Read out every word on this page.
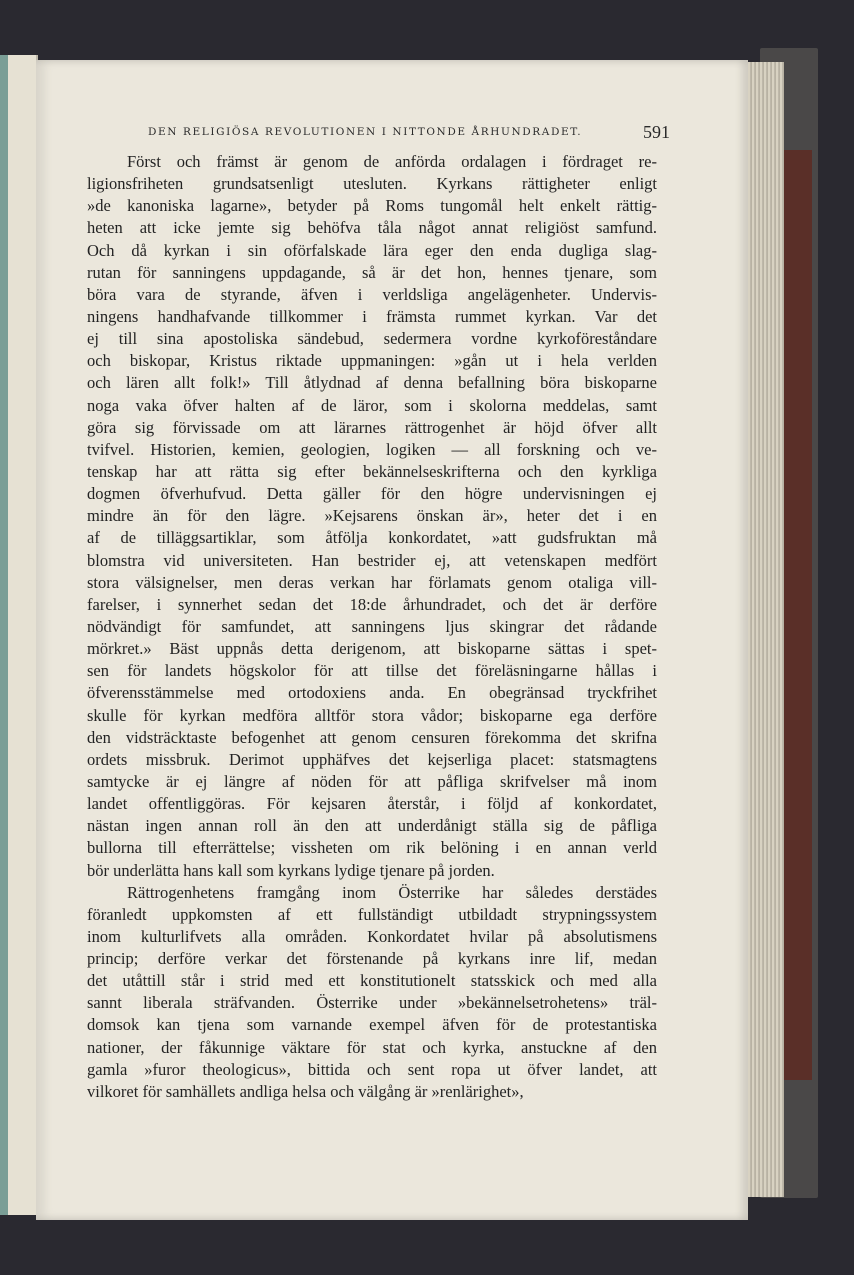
DEN RELIGIÖSA REVOLUTIONEN I NITTONDE ÅRHUNDRADET.	591
Först och främst är genom de anförda ordalagen i fördraget re-
ligionsfriheten grundsatsenligt utesluten. Kyrkans rättigheter enligt
»de kanoniska lagarne», betyder på Roms tungomål helt enkelt rättig-
heten att icke jemte sig behöfva tåla något annat religiöst samfund.
Och då kyrkan i sin oförfalskade lära eger den enda dugliga slag-
rutan för sanningens uppdagande, så är det hon, hennes tjenare, som
böra vara de styrande, äfven i verldsliga angelägenheter. Undervis-
ningens handhafvande tillkommer i främsta rummet kyrkan. Var det
ej till sina apostoliska sändebud, sedermera vordne kyrkoföreståndare
och biskopar, Kristus riktade uppmaningen: »gån ut i hela verlden
och lären allt folk!» Till åtlydnad af denna befallning böra biskoparne
noga vaka öfver halten af de läror, som i skolorna meddelas, samt
göra sig förvissade om att lärarnes rättrogenhet är höjd öfver allt
tvifvel. Historien, kemien, geologien, logiken — all forskning och ve-
tenskap har att rätta sig efter bekännelseskrifterna och den kyrkliga
dogmen öfverhufvud. Detta gäller för den högre undervisningen ej
mindre än för den lägre. »Kejsarens önskan är», heter det i en
af de tilläggsartiklar, som åtfölja konkordatet, »att gudsfruktan må
blomstra vid universiteten. Han bestrider ej, att vetenskapen medfört
stora välsignelser, men deras verkan har förlamats genom otaliga vill-
farelser, i synnerhet sedan det 18:de århundradet, och det är derföre
nödvändigt för samfundet, att sanningens ljus skingrar det rådande
mörkret.» Bäst uppnås detta derigenom, att biskoparne sättas i spet-
sen för landets högskolor för att tillse det föreläsningarne hållas i
öfverensstämmelse med ortodoxiens anda. En obegränsad tryckfrihet
skulle för kyrkan medföra alltför stora vådor; biskoparne ega derföre
den vidsträcktaste befogenhet att genom censuren förekomma det skrifna
ordets missbruk. Derimot upphäfves det kejserliga placet: statsmagtens
samtycke är ej längre af nöden för att påfliga skrifvelser må inom
landet offentliggöras. För kejsaren återstår, i följd af konkordatet,
nästan ingen annan roll än den att underdånigt ställa sig de påfliga
bullorna till efterrättelse; vissheten om rik belöning i en annan verld
bör underlätta hans kall som kyrkans lydige tjenare på jorden.
Rättrogenhetens framgång inom Österrike har således derstädes
föranledt uppkomsten af ett fullständigt utbildadt strypningssystem
inom kulturlifvets alla områden. Konkordatet hvilar på absolutismens
princip; derföre verkar det förstenande på kyrkans inre lif, medan
det utåttill står i strid med ett konstitutionelt statsskick och med alla
sannt liberala sträfvanden. Österrike under »bekännelsetrohetens» träl-
domsok kan tjena som varnande exempel äfven för de protestantiska
nationer, der fåkunnige väktare för stat och kyrka, anstuckne af den
gamla »furor theologicus», bittida och sent ropa ut öfver landet, att
vilkoret för samhällets andliga helsa och välgång är »renlärighet»,
